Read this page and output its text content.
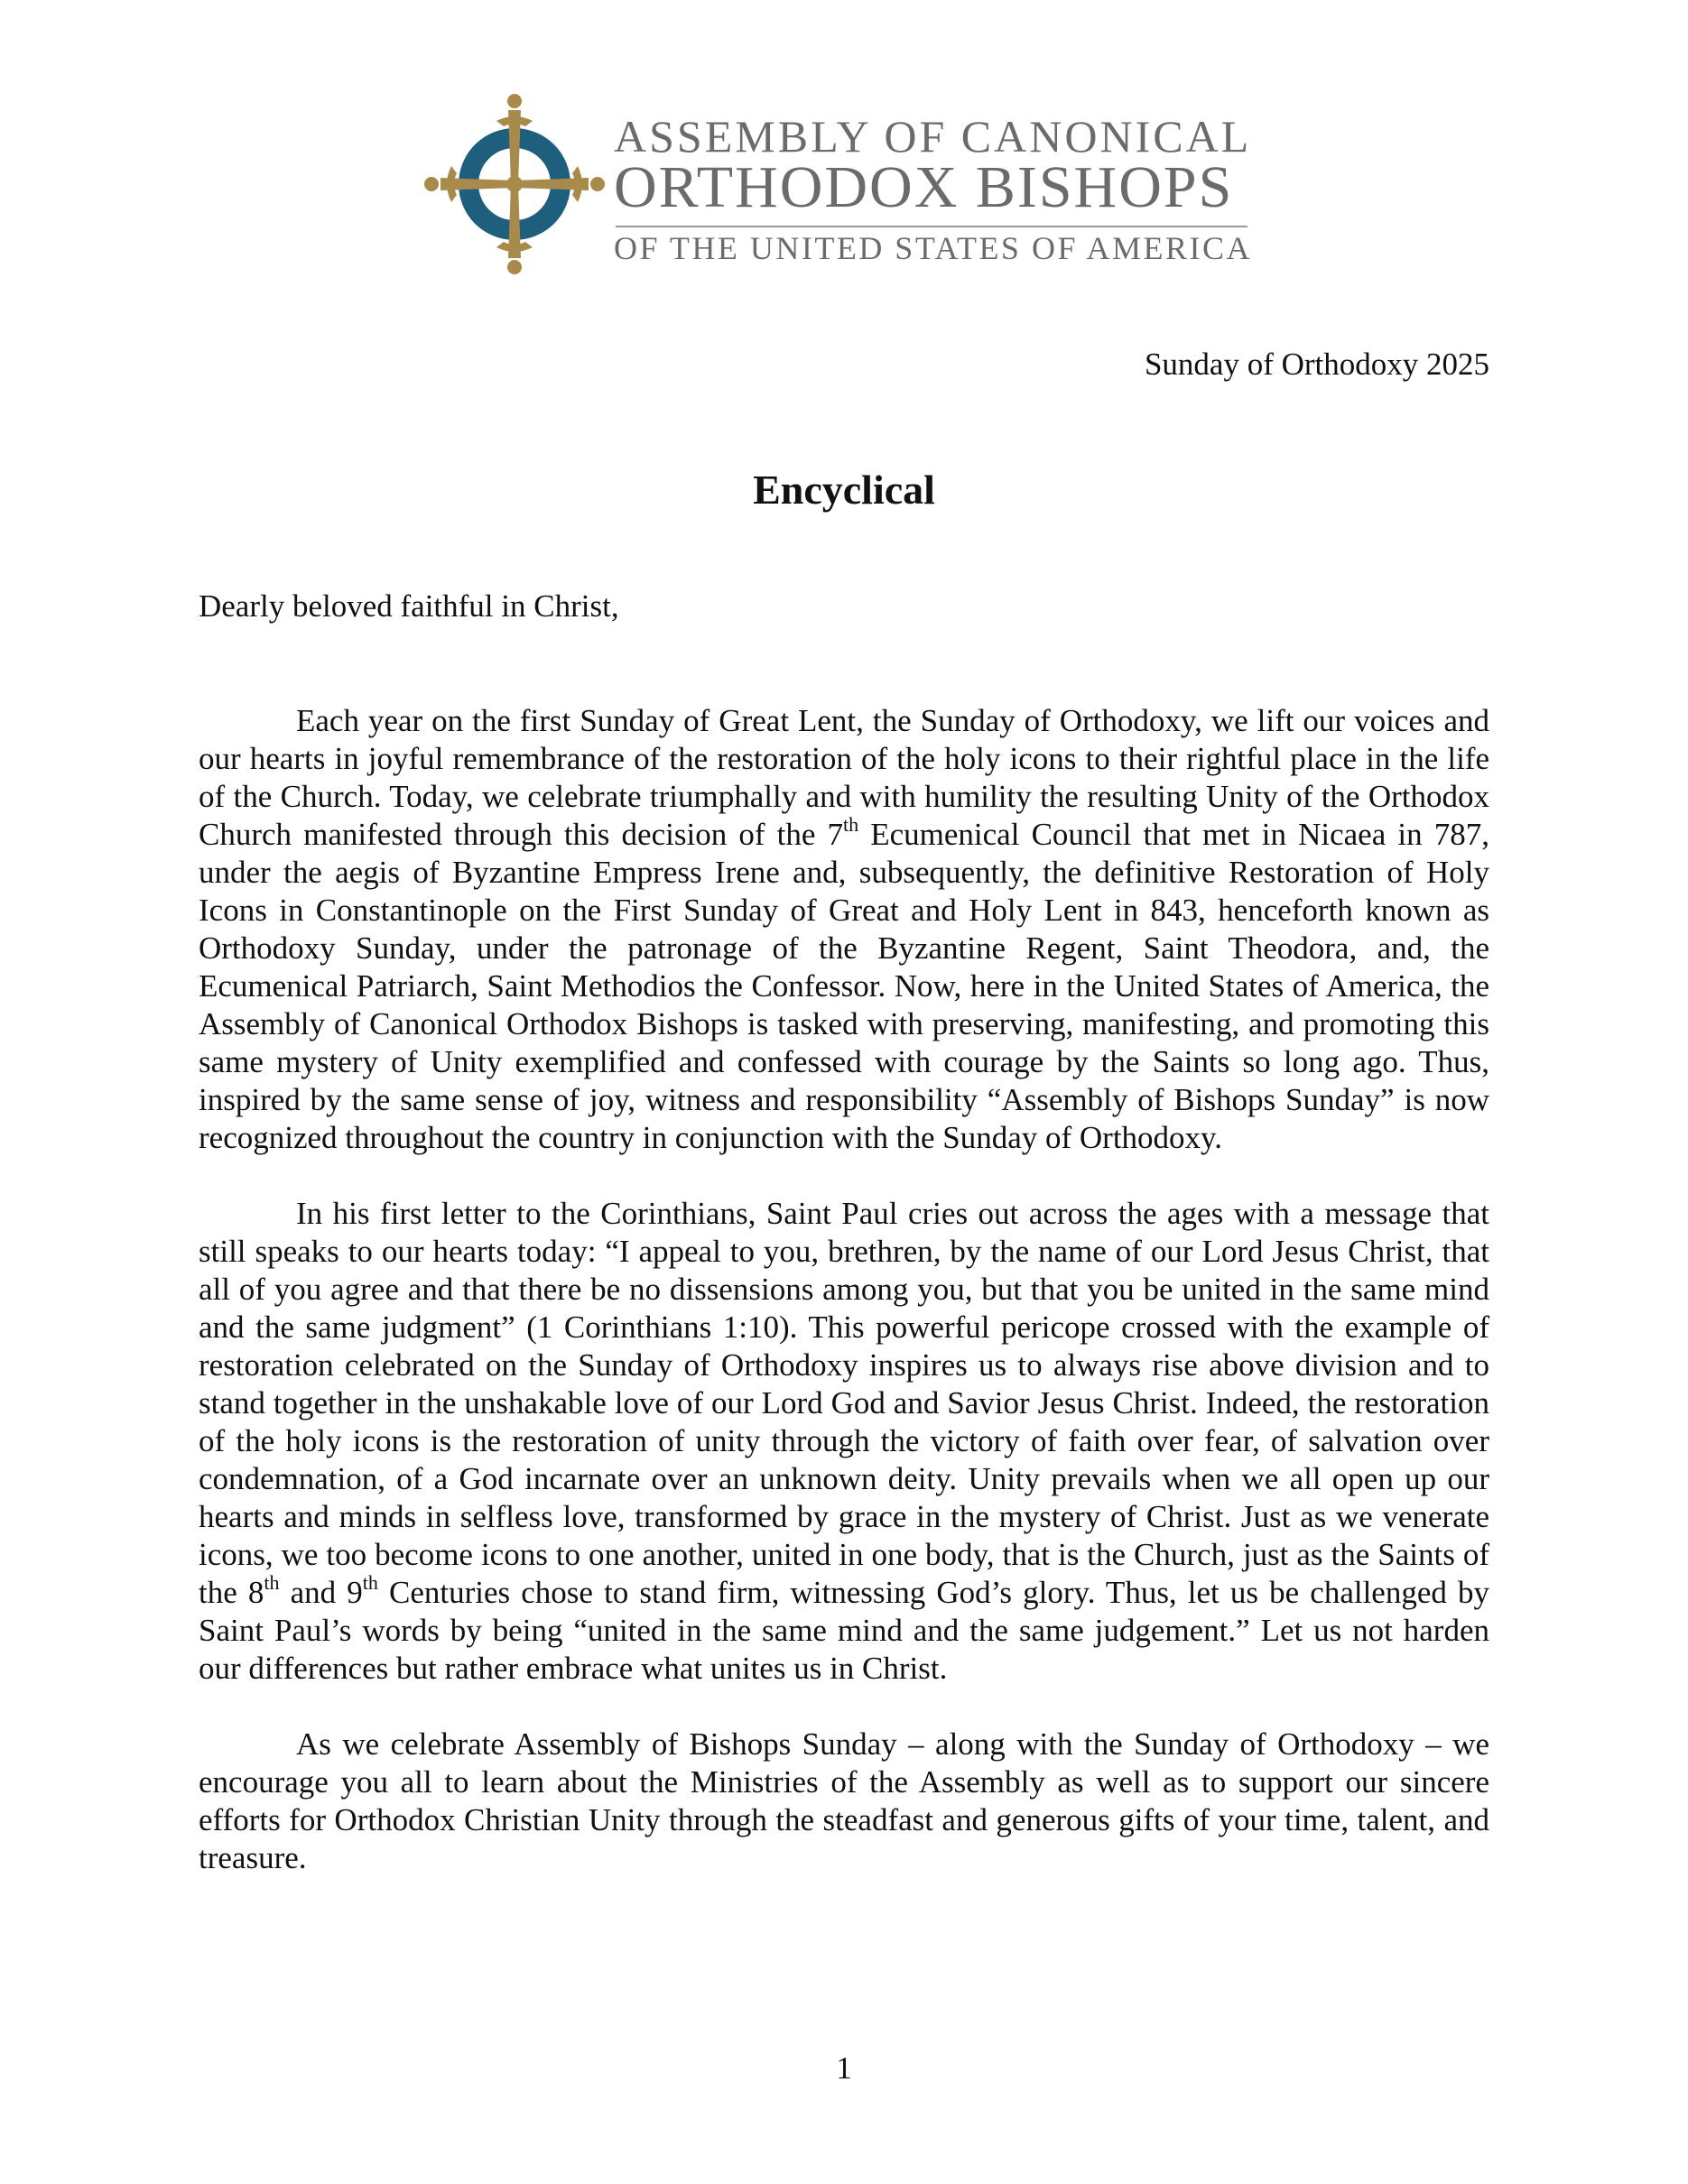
ASSEMBLY OF CANONICAL
ORTHODOX BISHOPS
OF THE UNITED STATES OF AMERICA
Sunday of Orthodoxy 2025
Encyclical
Dearly beloved faithful in Christ,

Each year on the first Sunday of Great Lent, the Sunday of Orthodoxy, we lift our voices and our hearts in joyful remembrance of the restoration of the holy icons to their rightful place in the life of the Church. Today, we celebrate triumphally and with humility the resulting Unity of the Orthodox Church manifested through this decision of the 7th Ecumenical Council that met in Nicaea in 787, under the aegis of Byzantine Empress Irene and, subsequently, the definitive Restoration of Holy Icons in Constantinople on the First Sunday of Great and Holy Lent in 843, henceforth known as Orthodoxy Sunday, under the patronage of the Byzantine Regent, Saint Theodora, and, the Ecumenical Patriarch, Saint Methodios the Confessor. Now, here in the United States of America, the Assembly of Canonical Orthodox Bishops is tasked with preserving, manifesting, and promoting this same mystery of Unity exemplified and confessed with courage by the Saints so long ago. Thus, inspired by the same sense of joy, witness and responsibility “Assembly of Bishops Sunday” is now recognized throughout the country in conjunction with the Sunday of Orthodoxy.

In his first letter to the Corinthians, Saint Paul cries out across the ages with a message that still speaks to our hearts today: “I appeal to you, brethren, by the name of our Lord Jesus Christ, that all of you agree and that there be no dissensions among you, but that you be united in the same mind and the same judgment” (1 Corinthians 1:10). This powerful pericope crossed with the example of restoration celebrated on the Sunday of Orthodoxy inspires us to always rise above division and to stand together in the unshakable love of our Lord God and Savior Jesus Christ. Indeed, the restoration of the holy icons is the restoration of unity through the victory of faith over fear, of salvation over condemnation, of a God incarnate over an unknown deity. Unity prevails when we all open up our hearts and minds in selfless love, transformed by grace in the mystery of Christ. Just as we venerate icons, we too become icons to one another, united in one body, that is the Church, just as the Saints of the 8th and 9th Centuries chose to stand firm, witnessing God’s glory. Thus, let us be challenged by Saint Paul’s words by being “united in the same mind and the same judgement.” Let us not harden our differences but rather embrace what unites us in Christ.

As we celebrate Assembly of Bishops Sunday – along with the Sunday of Orthodoxy – we encourage you all to learn about the Ministries of the Assembly as well as to support our sincere efforts for Orthodox Christian Unity through the steadfast and generous gifts of your time, talent, and treasure.

1
